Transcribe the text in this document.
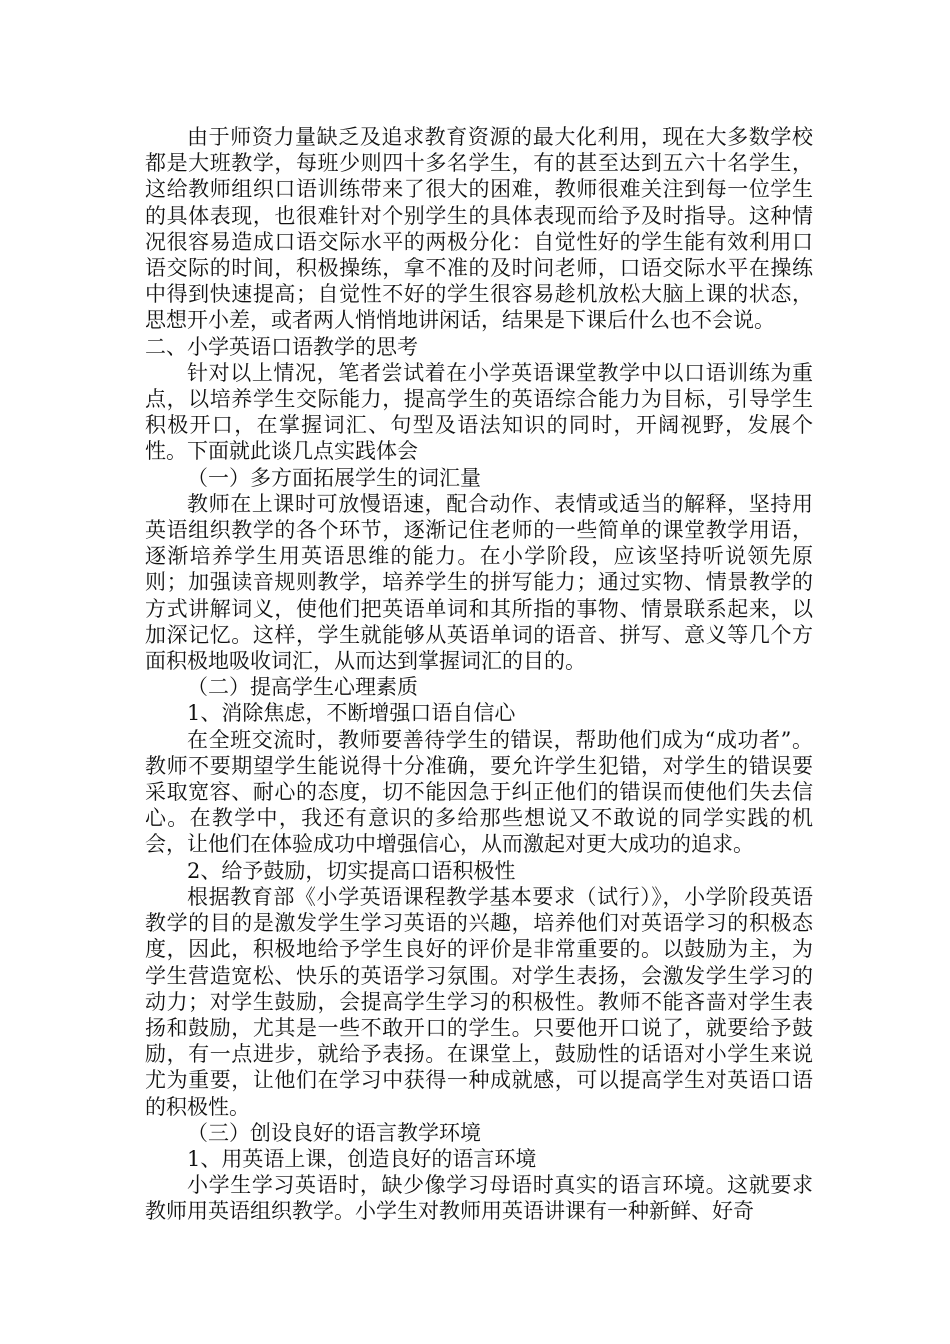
由于师资力量缺乏及追求教育资源的最大化利用，现在大多数学校都是大班教学，每班少则四十多名学生，有的甚至达到五六十名学生，这给教师组织口语训练带来了很大的困难，教师很难关注到每一位学生的具体表现，也很难针对个别学生的具体表现而给予及时指导。这种情况很容易造成口语交际水平的两极分化：自觉性好的学生能有效利用口语交际的时间，积极操练，拿不准的及时问老师，口语交际水平在操练中得到快速提高；自觉性不好的学生很容易趁机放松大脑上课的状态，思想开小差，或者两人悄悄地讲闲话，结果是下课后什么也不会说。

二、小学英语口语教学的思考

针对以上情况，笔者尝试着在小学英语课堂教学中以口语训练为重点，以培养学生交际能力，提高学生的英语综合能力为目标，引导学生积极开口，在掌握词汇、句型及语法知识的同时，开阔视野，发展个性。下面就此谈几点实践体会

（一）多方面拓展学生的词汇量

教师在上课时可放慢语速，配合动作、表情或适当的解释，坚持用英语组织教学的各个环节，逐渐记住老师的一些简单的课堂教学用语，逐渐培养学生用英语思维的能力。在小学阶段，应该坚持听说领先原则；加强读音规则教学，培养学生的拼写能力；通过实物、情景教学的方式讲解词义，使他们把英语单词和其所指的事物、情景联系起来，以加深记忆。这样，学生就能够从英语单词的语音、拼写、意义等几个方面积极地吸收词汇，从而达到掌握词汇的目的。

（二）提高学生心理素质

1、消除焦虑，不断增强口语自信心

在全班交流时，教师要善待学生的错误，帮助他们成为“成功者”。教师不要期望学生能说得十分准确，要允许学生犯错，对学生的错误要采取宽容、耐心的态度，切不能因急于纠正他们的错误而使他们失去信心。在教学中，我还有意识的多给那些想说又不敢说的同学实践的机会，让他们在体验成功中增强信心，从而激起对更大成功的追求。

2、给予鼓励，切实提高口语积极性

根据教育部《小学英语课程教学基本要求（试行）》，小学阶段英语教学的目的是激发学生学习英语的兴趣，培养他们对英语学习的积极态度，因此，积极地给予学生良好的评价是非常重要的。以鼓励为主，为学生营造宽松、快乐的英语学习氛围。对学生表扬，会激发学生学习的动力；对学生鼓励，会提高学生学习的积极性。教师不能吝啬对学生表扬和鼓励，尤其是一些不敢开口的学生。只要他开口说了，就要给予鼓励，有一点进步，就给予表扬。在课堂上，鼓励性的话语对小学生来说尤为重要，让他们在学习中获得一种成就感，可以提高学生对英语口语的积极性。

（三）创设良好的语言教学环境

1、用英语上课，创造良好的语言环境

小学生学习英语时，缺少像学习母语时真实的语言环境。这就要求教师用英语组织教学。小学生对教师用英语讲课有一种新鲜、好奇
